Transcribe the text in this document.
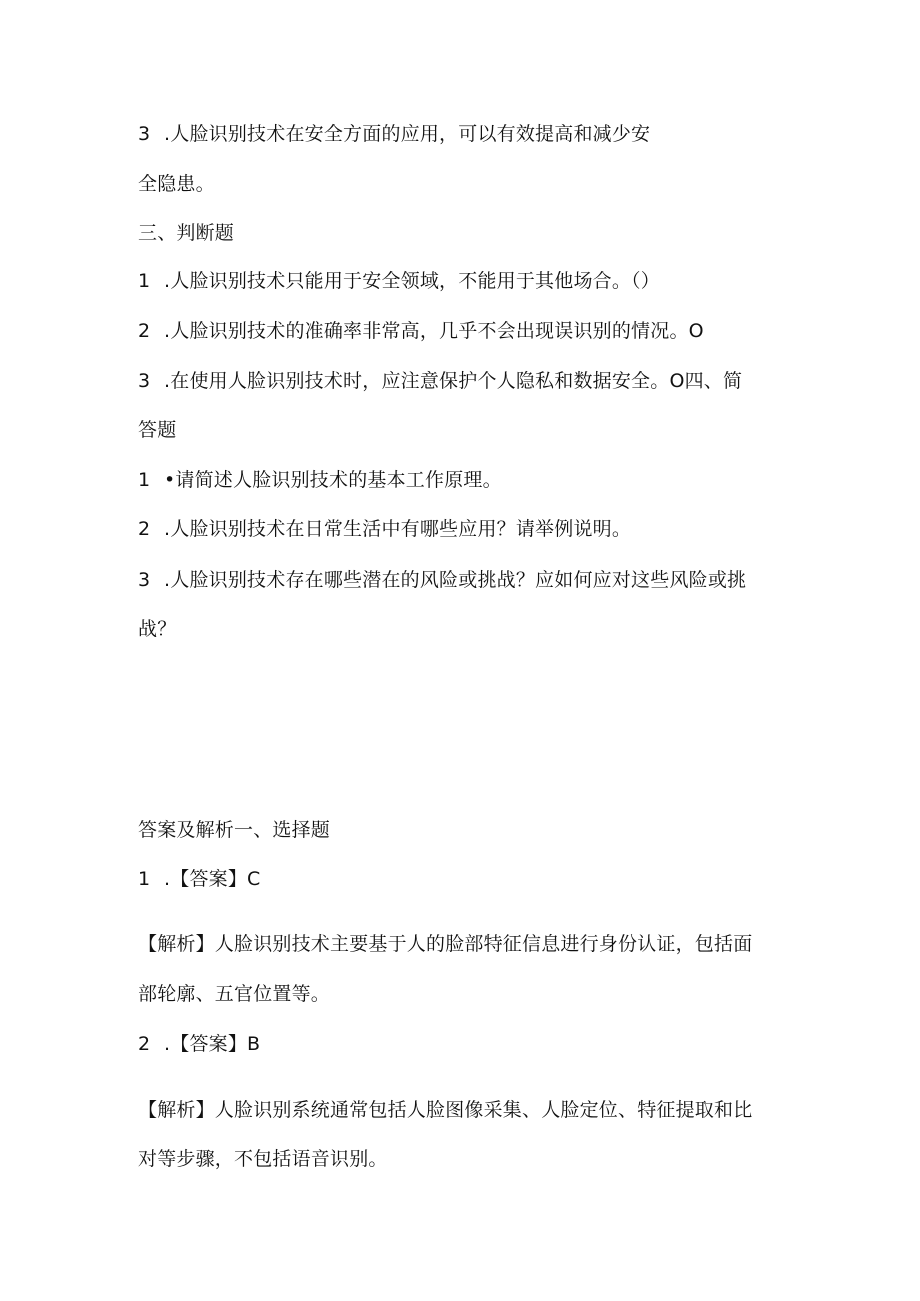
3 .人脸识别技术在安全方面的应用，可以有效提高和减少安
全隐患。
三、判断题
1 .人脸识别技术只能用于安全领域，不能用于其他场合。（）
2 .人脸识别技术的准确率非常高，几乎不会出现误识别的情况。O
3 .在使用人脸识别技术时，应注意保护个人隐私和数据安全。O四、简
答题
1 •请简述人脸识别技术的基本工作原理。
2 .人脸识别技术在日常生活中有哪些应用？请举例说明。
3 .人脸识别技术存在哪些潜在的风险或挑战？应如何应对这些风险或挑
战？
答案及解析一、选择题
1 .【答案】C
【解析】人脸识别技术主要基于人的脸部特征信息进行身份认证，包括面
部轮廓、五官位置等。
2 .【答案】B
【解析】人脸识别系统通常包括人脸图像采集、人脸定位、特征提取和比
对等步骤，不包括语音识别。
